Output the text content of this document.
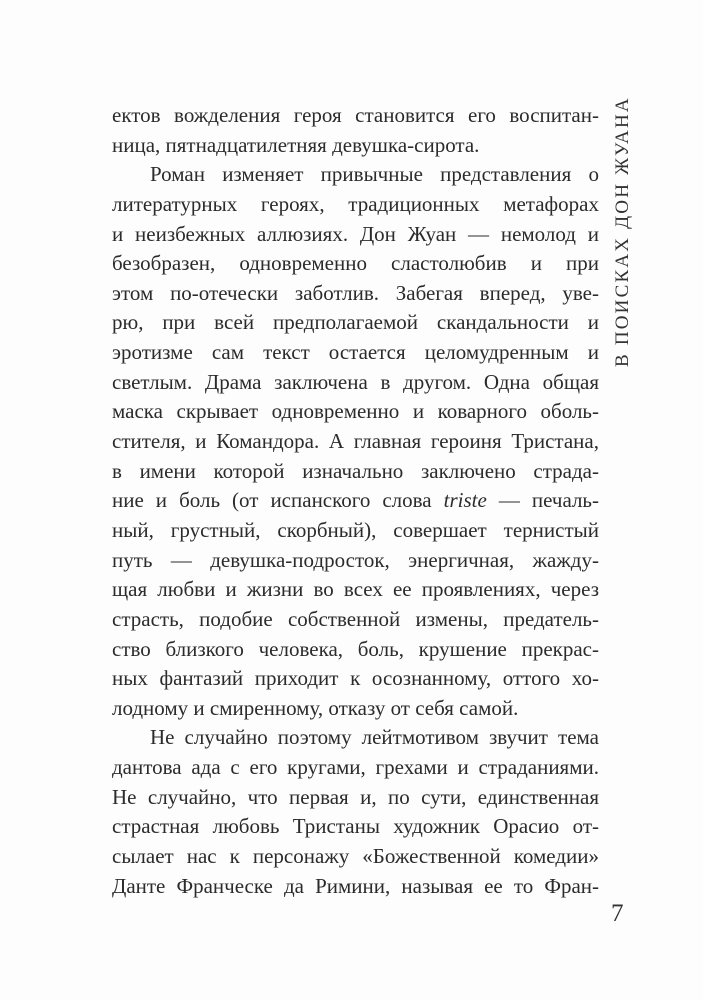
В ПОИСКАХ ДОН ЖУАНА
ектов вожделения героя становится его воспитан-
ница, пятнадцатилетняя девушка-сирота.
Роман изменяет привычные представления о
литературных героях, традиционных метафорах
и неизбежных аллюзиях. Дон Жуан — немолод и
безобразен, одновременно сластолюбив и при
этом по-отечески заботлив. Забегая вперед, уве-
рю, при всей предполагаемой скандальности и
эротизме сам текст остается целомудренным и
светлым. Драма заключена в другом. Одна общая
маска скрывает одновременно и коварного оболь-
стителя, и Командора. А главная героиня Тристана,
в имени которой изначально заключено страда-
ние и боль (от испанского слова triste — печаль-
ный, грустный, скорбный), совершает тернистый
путь — девушка-подросток, энергичная, жажду-
щая любви и жизни во всех ее проявлениях, через
страсть, подобие собственной измены, предатель-
ство близкого человека, боль, крушение прекрас-
ных фантазий приходит к осознанному, оттого хо-
лодному и смиренному, отказу от себя самой.
Не случайно поэтому лейтмотивом звучит тема
дантова ада с его кругами, грехами и страданиями.
Не случайно, что первая и, по сути, единственная
страстная любовь Тристаны художник Орасио от-
сылает нас к персонажу «Божественной комедии»
Данте Франческе да Римини, называя ее то Фран-
7
